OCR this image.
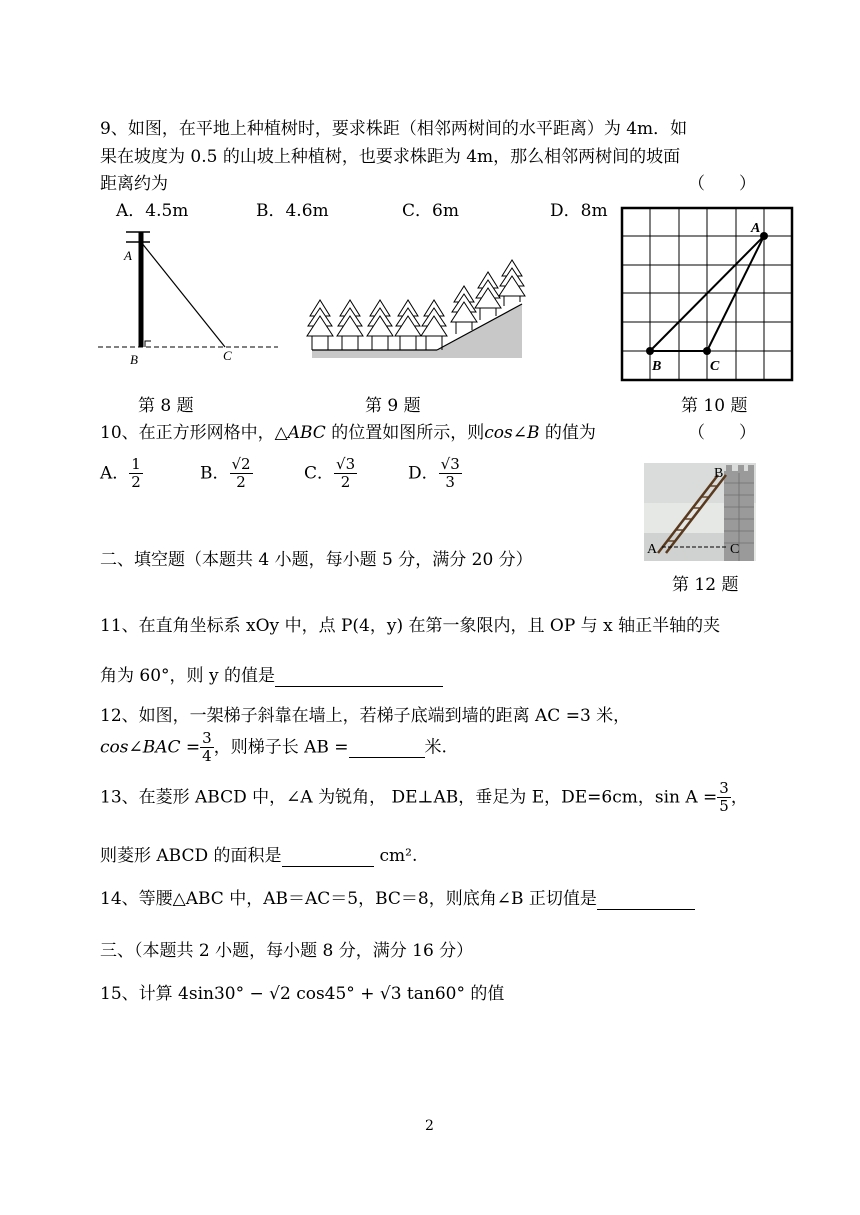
9、如图，在平地上种植树时，要求株距（相邻两树间的水平距离）为 4m．如
果在坡度为 0.5 的山坡上种植树，也要求株距为 4m，那么相邻两树间的坡面
距离约为	（　　）
A．4.5m	B．4.6m	C．6m	D．8m
A
B	C
A
B	C
第 8 题	第 9 题	第 10 题
10、在正方形网格中，△ABC 的位置如图所示，则cos∠B 的值为	（　　）
A． $\frac{1}{2}$	B． $\frac{√2}{2}$	C． $\frac{√3}{2}$	D． $\frac{√3}{3}$
A	C
B
二、填空题（本题共 4 小题，每小题 5 分，满分 20 分）
第 12 题
11、在直角坐标系 xOy 中，点 P(4，y) 在第一象限内，且 OP 与 x 轴正半轴的夹
角为 60°，则 y 的值是
12、如图，一架梯子斜靠在墙上，若梯子底端到墙的距离 AC =3 米，
cos∠BAC = $\frac{3}{4}$ ，则梯子长 AB =	米.
13、在菱形 ABCD 中，∠A 为锐角， DE⊥AB，垂足为 E，DE=6cm，$\sin A = \frac{3}{5}$ ，
则菱形 ABCD 的面积是	cm².
14、等腰△ABC 中，AB＝AC＝5，BC＝8，则底角∠B 正切值是
三、（本题共 2 小题，每小题 8 分，满分 16 分）
15、计算 4sin30° − √2 cos45° + √3 tan60° 的值
2
